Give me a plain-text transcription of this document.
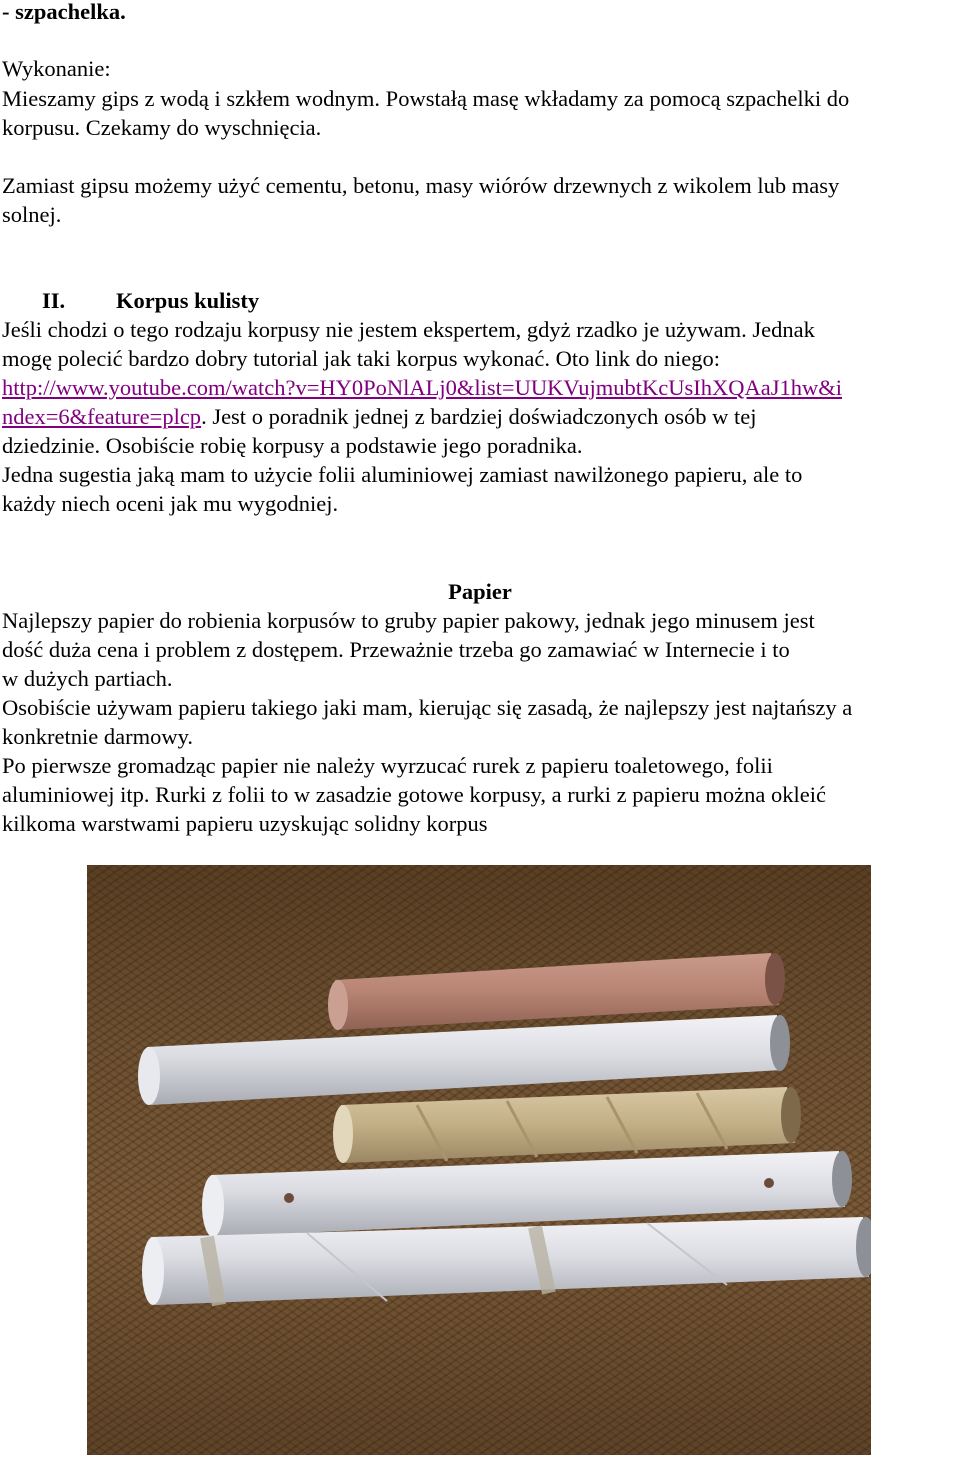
- szpachelka.

Wykonanie:

Mieszamy gips z wodą i szkłem wodnym. Powstałą masę wkładamy za pomocą szpachelki do

korpusu. Czekamy do wyschnięcia.

Zamiast gipsu możemy użyć cementu, betonu, masy wiórów drzewnych z wikolem lub masy

solnej.

II. Korpus kulisty

Jeśli chodzi o tego rodzaju korpusy nie jestem ekspertem, gdyż rzadko je używam. Jednak

mogę polecić bardzo dobry tutorial jak taki korpus wykonać. Oto link do niego:

http://www.youtube.com/watch?v=HY0PoNlALj0&list=UUKVujmubtKcUsIhXQAaJ1hw&i

ndex=6&feature=plcp. Jest o poradnik jednej z bardziej doświadczonych osób w tej

dziedzinie. Osobiście robię korpusy a podstawie jego poradnika.

Jedna sugestia jaką mam to użycie folii aluminiowej zamiast nawilżonego papieru, ale to

każdy niech oceni jak mu wygodniej.

Papier

Najlepszy papier do robienia korpusów to gruby papier pakowy, jednak jego minusem jest

dość duża cena i problem z dostępem. Przeważnie trzeba go zamawiać w Internecie i to

w dużych partiach.

Osobiście używam papieru takiego jaki mam, kierując się zasadą, że najlepszy jest najtańszy a

konkretnie darmowy.

Po pierwsze gromadząc papier nie należy wyrzucać rurek z papieru toaletowego, folii

aluminiowej itp. Rurki z folii to w zasadzie gotowe korpusy, a rurki z papieru można okleić

kilkoma warstwami papieru uzyskując solidny korpus
